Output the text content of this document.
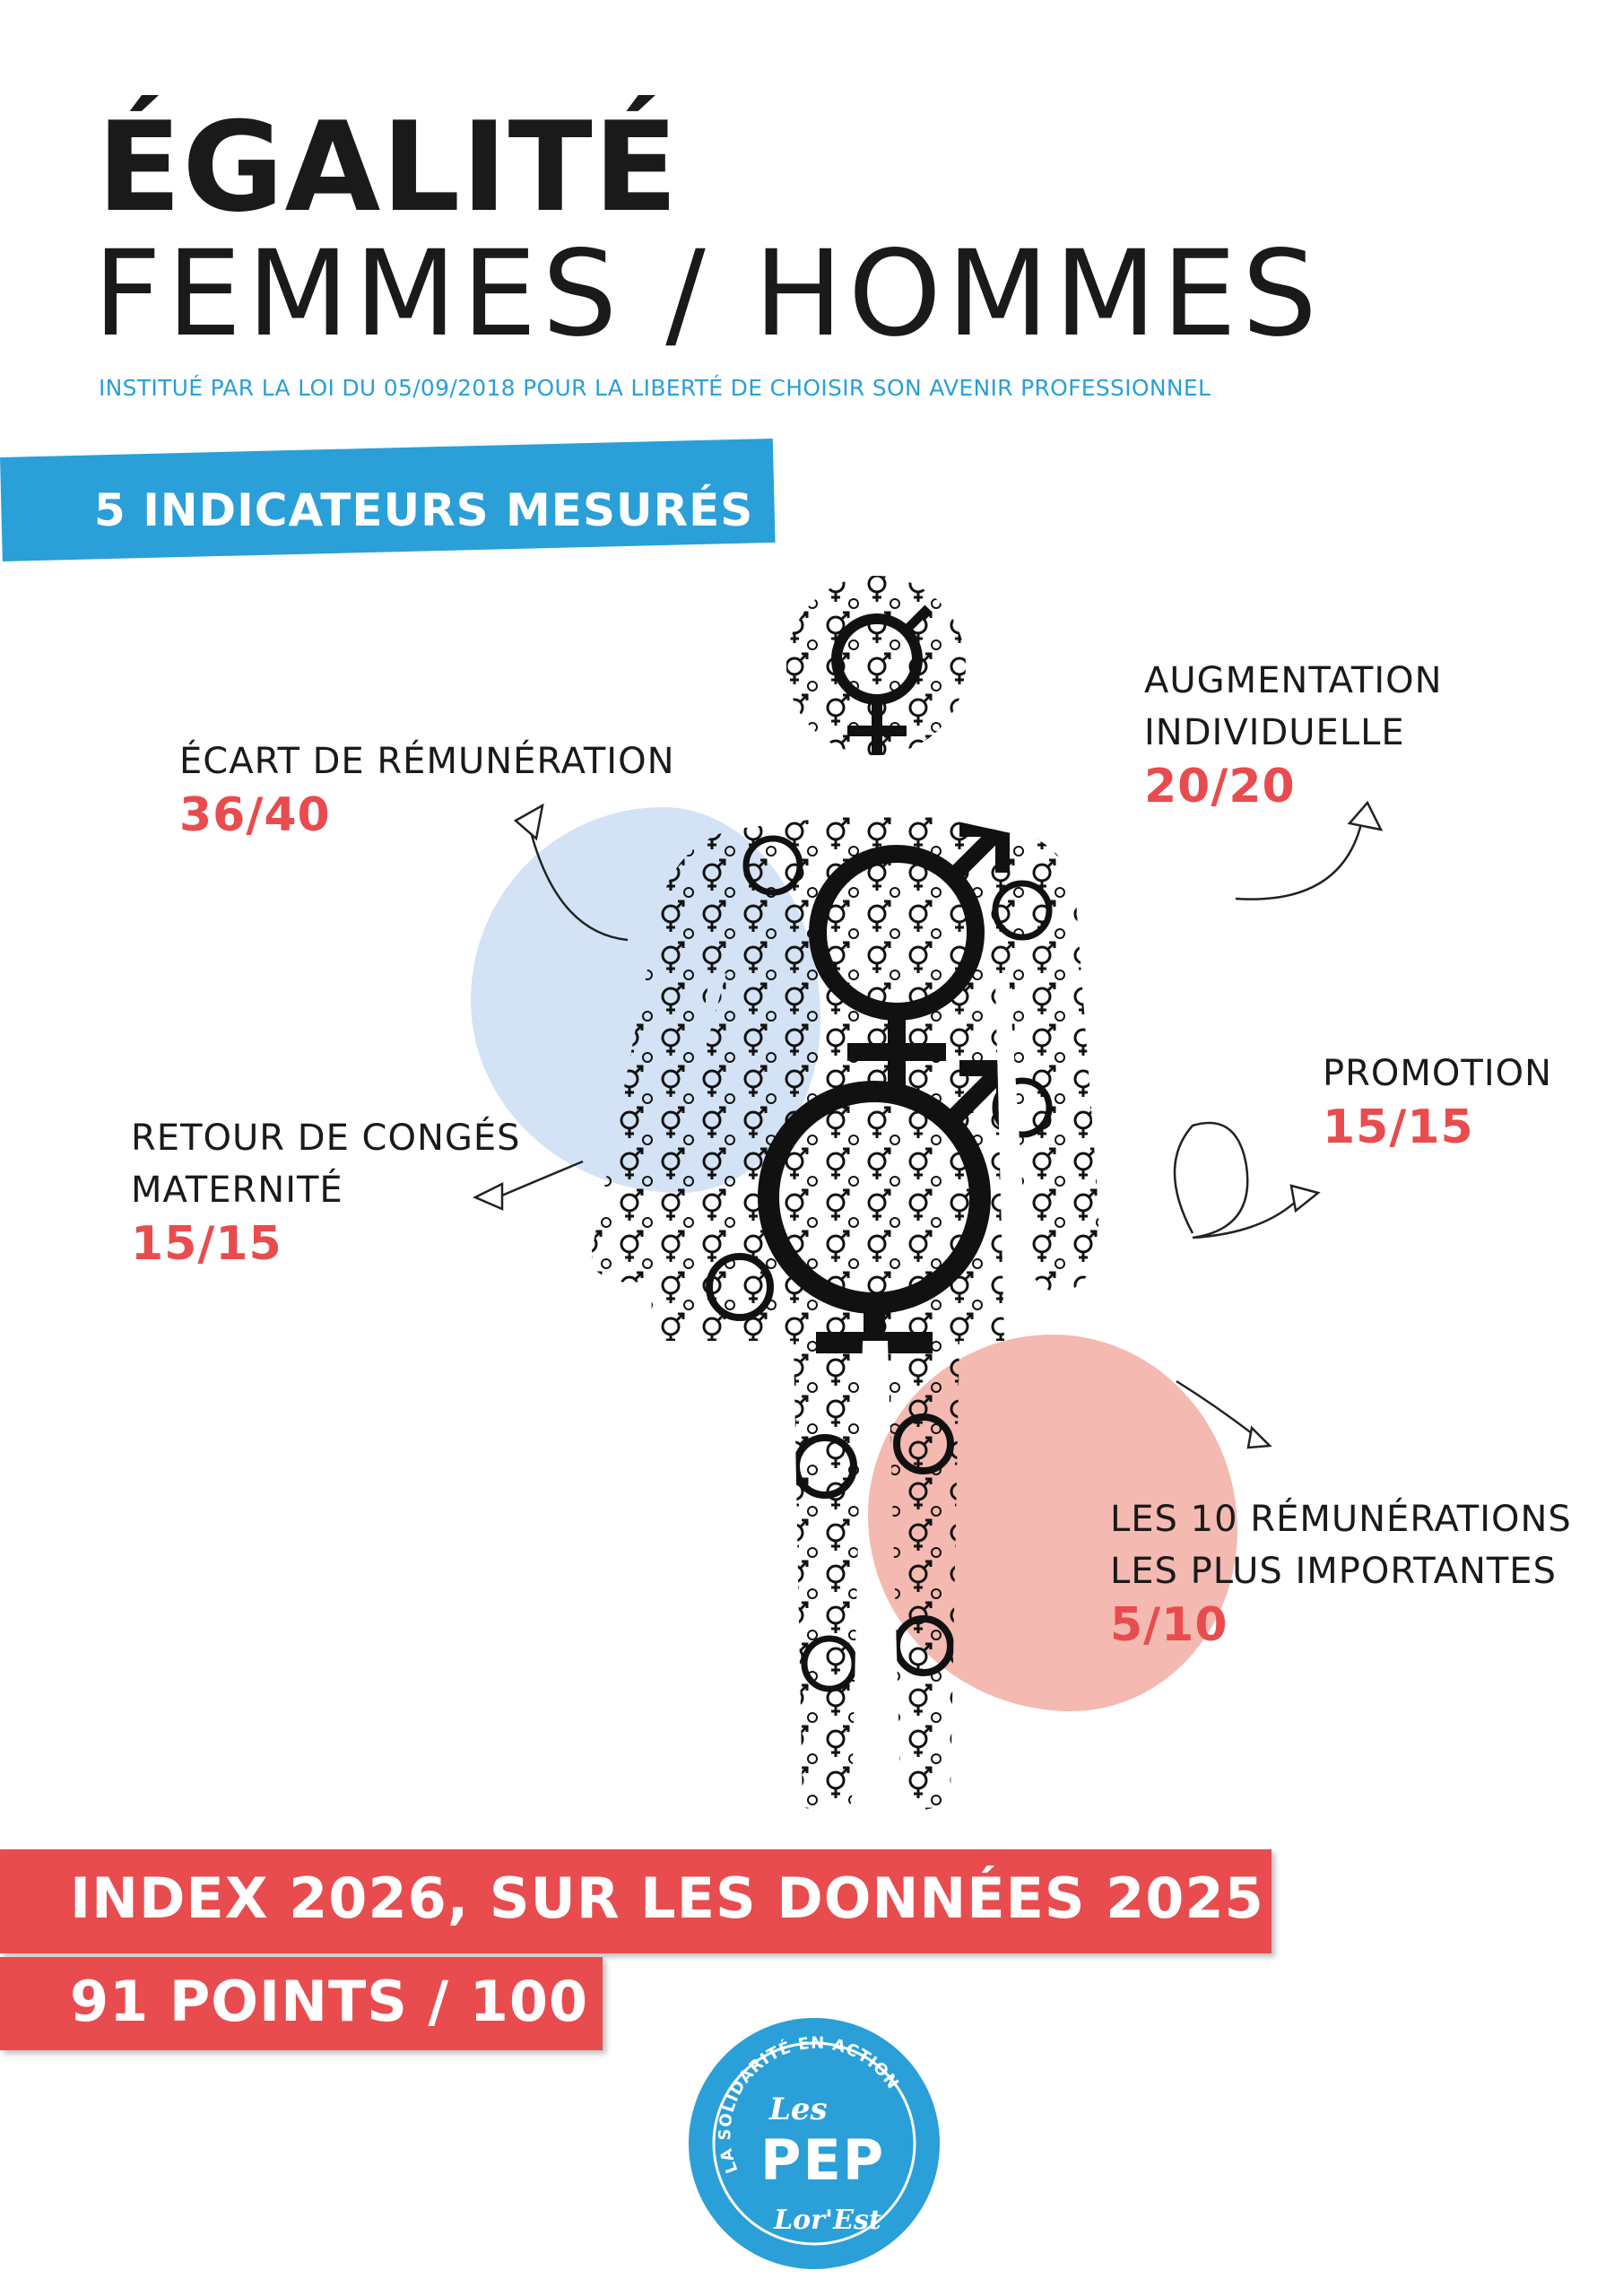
ÉGALITÉ
FEMMES / HOMMES
INSTITUÉ PAR LA LOI DU 05/09/2018 POUR LA LIBERTÉ DE CHOISIR SON AVENIR PROFESSIONNEL
5 INDICATEURS MESURÉS
ÉCART DE RÉMUNÉRATION
36/40
AUGMENTATION
INDIVIDUELLE
20/20
PROMOTION
15/15
RETOUR DE CONGÉS
MATERNITÉ
15/15
LES 10 RÉMUNÉRATIONS
LES PLUS IMPORTANTES
5/10
INDEX 2026, SUR LES DONNÉES 2025
91 POINTS / 100
LA SOLIDARITÉ EN ACTION
Les
PEP
Lor'Est
